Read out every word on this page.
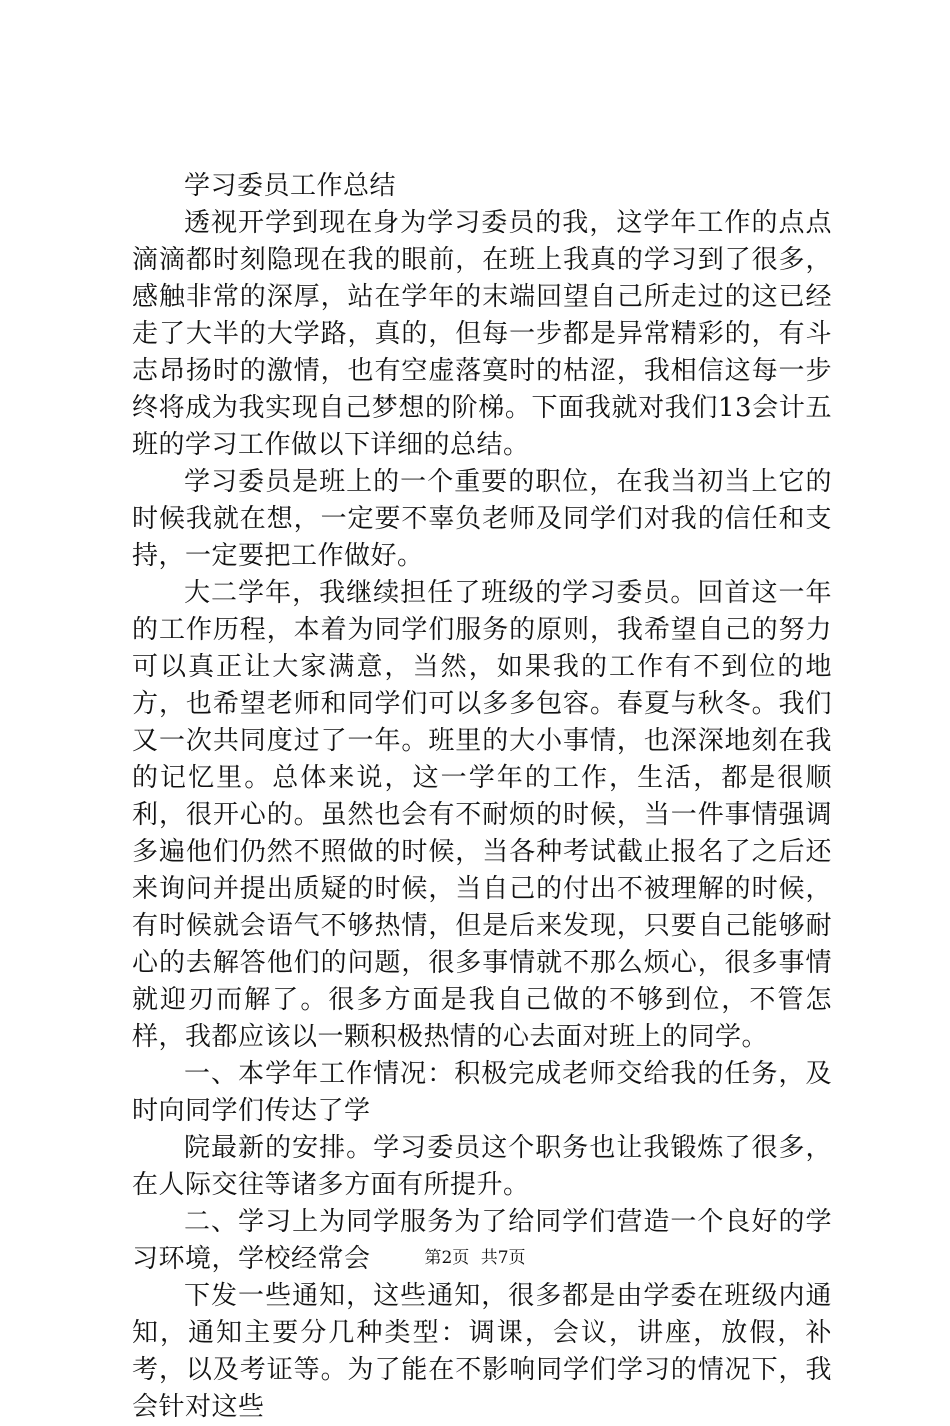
学习委员工作总结

透视开学到现在身为学习委员的我，这学年工作的点点滴滴都时刻隐现在我的眼前，在班上我真的学习到了很多，感触非常的深厚，站在学年的末端回望自己所走过的这已经走了大半的大学路，真的，但每一步都是异常精彩的，有斗志昂扬时的激情，也有空虚落寞时的枯涩，我相信这每一步终将成为我实现自己梦想的阶梯。下面我就对我们13会计五班的学习工作做以下详细的总结。

学习委员是班上的一个重要的职位，在我当初当上它的时候我就在想，一定要不辜负老师及同学们对我的信任和支持，一定要把工作做好。

大二学年，我继续担任了班级的学习委员。回首这一年的工作历程，本着为同学们服务的原则，我希望自己的努力可以真正让大家满意，当然，如果我的工作有不到位的地方，也希望老师和同学们可以多多包容。春夏与秋冬。我们又一次共同度过了一年。班里的大小事情，也深深地刻在我的记忆里。总体来说，这一学年的工作，生活，都是很顺利，很开心的。虽然也会有不耐烦的时候，当一件事情强调多遍他们仍然不照做的时候，当各种考试截止报名了之后还来询问并提出质疑的时候，当自己的付出不被理解的时候，有时候就会语气不够热情，但是后来发现，只要自己能够耐心的去解答他们的问题，很多事情就不那么烦心，很多事情就迎刃而解了。很多方面是我自己做的不够到位，不管怎样，我都应该以一颗积极热情的心去面对班上的同学。

一、本学年工作情况：积极完成老师交给我的任务，及时向同学们传达了学

院最新的安排。学习委员这个职务也让我锻炼了很多，在人际交往等诸多方面有所提升。

二、学习上为同学服务为了给同学们营造一个良好的学习环境，学校经常会

下发一些通知，这些通知，很多都是由学委在班级内通知，通知主要分几种类型：调课，会议，讲座，放假，补考，以及考证等。为了能在不影响同学们学习的情况下，我会针对这些

第2页 共7页
